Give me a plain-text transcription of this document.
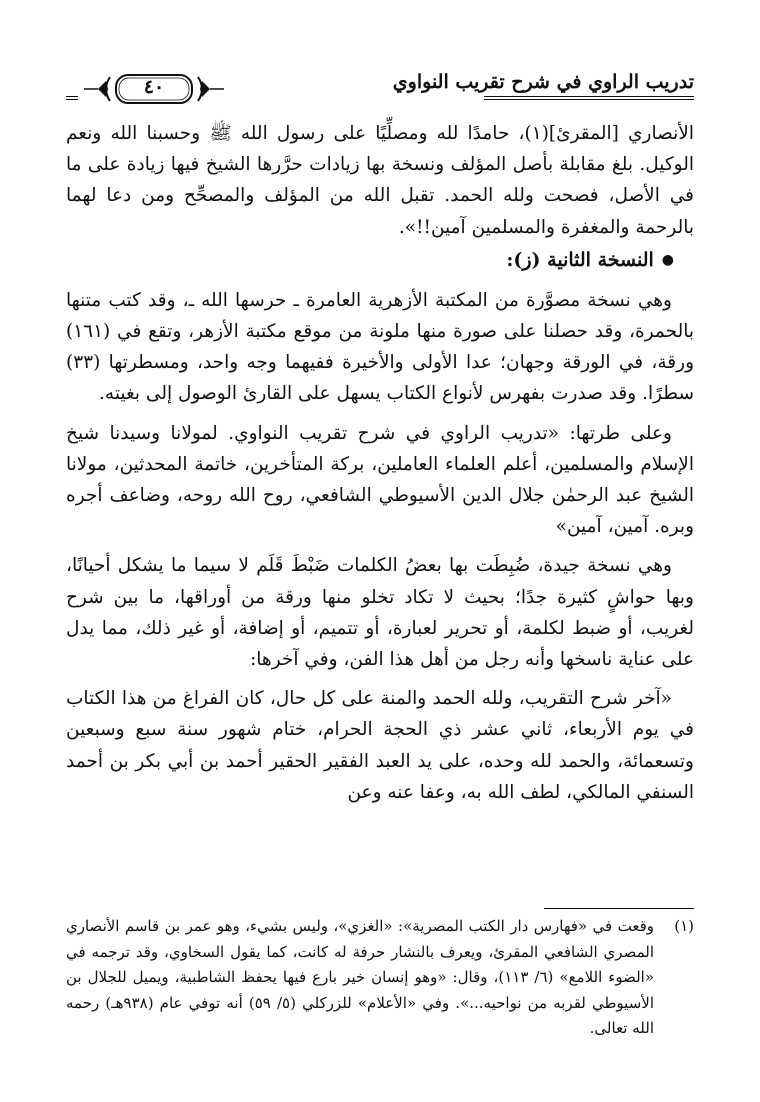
تدريب الراوي في شرح تقريب النواوي
٤٠

الأنصاري [المقرئ](١)، حامدًا لله ومصلِّيًا على رسول الله ﷺ وحسبنا الله ونعم الوكيل. بلغ مقابلة بأصل المؤلف ونسخة بها زيادات حرَّرها الشيخ فيها زيادة على ما في الأصل، فصحت ولله الحمد. تقبل الله من المؤلف والمصحِّح ومن دعا لهما بالرحمة والمغفرة والمسلمين آمين!!».

●النسخة الثانية (ز):

وهي نسخة مصوَّرة من المكتبة الأزهرية العامرة ـ حرسها الله ـ، وقد كتب متنها بالحمرة، وقد حصلنا على صورة منها ملونة من موقع مكتبة الأزهر، وتقع في (١٦١) ورقة، في الورقة وجهان؛ عدا الأولى والأخيرة ففيهما وجه واحد، ومسطرتها (٣٣) سطرًا. وقد صدرت بفهرس لأنواع الكتاب يسهل على القارئ الوصول إلى بغيته.

وعلى طرتها: «تدريب الراوي في شرح تقريب النواوي. لمولانا وسيدنا شيخ الإسلام والمسلمين، أعلم العلماء العاملين، بركة المتأخرين، خاتمة المحدثين، مولانا الشيخ عبد الرحمٰن جلال الدين الأسيوطي الشافعي، روح الله روحه، وضاعف أجره وبره. آمين، آمين»

وهي نسخة جيدة، ضُبِطَت بها بعضُ الكلمات ضَبْطَ قَلَم لا سيما ما يشكل أحيانًا، وبها حواشٍ كثيرة جدًا؛ بحيث لا تكاد تخلو منها ورقة من أوراقها، ما بين شرح لغريب، أو ضبط لكلمة، أو تحرير لعبارة، أو تتميم، أو إضافة، أو غير ذلك، مما يدل على عناية ناسخها وأنه رجل من أهل هذا الفن، وفي آخرها:

«آخر شرح التقريب، ولله الحمد والمنة على كل حال، كان الفراغ من هذا الكتاب في يوم الأربعاء، ثاني عشر ذي الحجة الحرام، ختام شهور سنة سبع وسبعين وتسعمائة، والحمد لله وحده، على يد العبد الفقير الحقير أحمد بن أبي بكر بن أحمد السنفي المالكي، لطف الله به، وعفا عنه وعن

(١)

وقعت في «فهارس دار الكتب المصرية»: «الغزي»، وليس بشيء، وهو عمر بن قاسم الأنصاري المصري الشافعي المقرئ، ويعرف بالنشار حرفة له كانت، كما يقول السخاوي، وقد ترجمه في «الضوء اللامع» (٦/ ١١٣)، وقال: «وهو إنسان خير بارع فيها يحفظ الشاطبية، ويميل للجلال بن الأسيوطي لقربه من نواحيه...». وفي «الأعلام» للزركلي (٥/ ٥٩) أنه توفي عام (٩٣٨هـ) رحمه الله تعالى.
